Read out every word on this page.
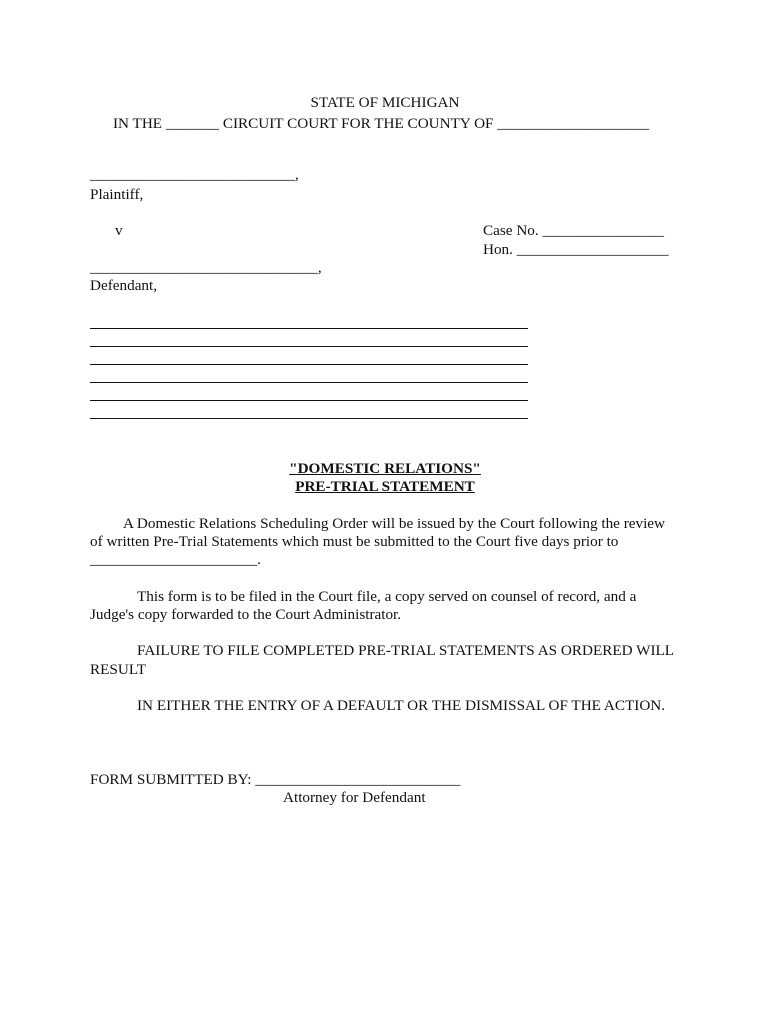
STATE OF MICHIGAN
IN THE _______ CIRCUIT COURT FOR THE COUNTY OF ____________________
___________________________,
Plaintiff,
v	Case No. ________________
Hon. ____________________
______________________________,
Defendant,
"DOMESTIC RELATIONS"
PRE-TRIAL STATEMENT
A Domestic Relations Scheduling Order will be issued by the Court following the review
of written Pre-Trial Statements which must be submitted to the Court five days prior to
______________________.
This form is to be filed in the Court file, a copy served on counsel of record, and a
Judge's copy forwarded to the Court Administrator.
FAILURE TO FILE COMPLETED PRE-TRIAL STATEMENTS AS ORDERED WILL
RESULT
IN EITHER THE ENTRY OF A DEFAULT OR THE DISMISSAL OF THE ACTION.
FORM SUBMITTED BY: ___________________________
Attorney for Defendant
